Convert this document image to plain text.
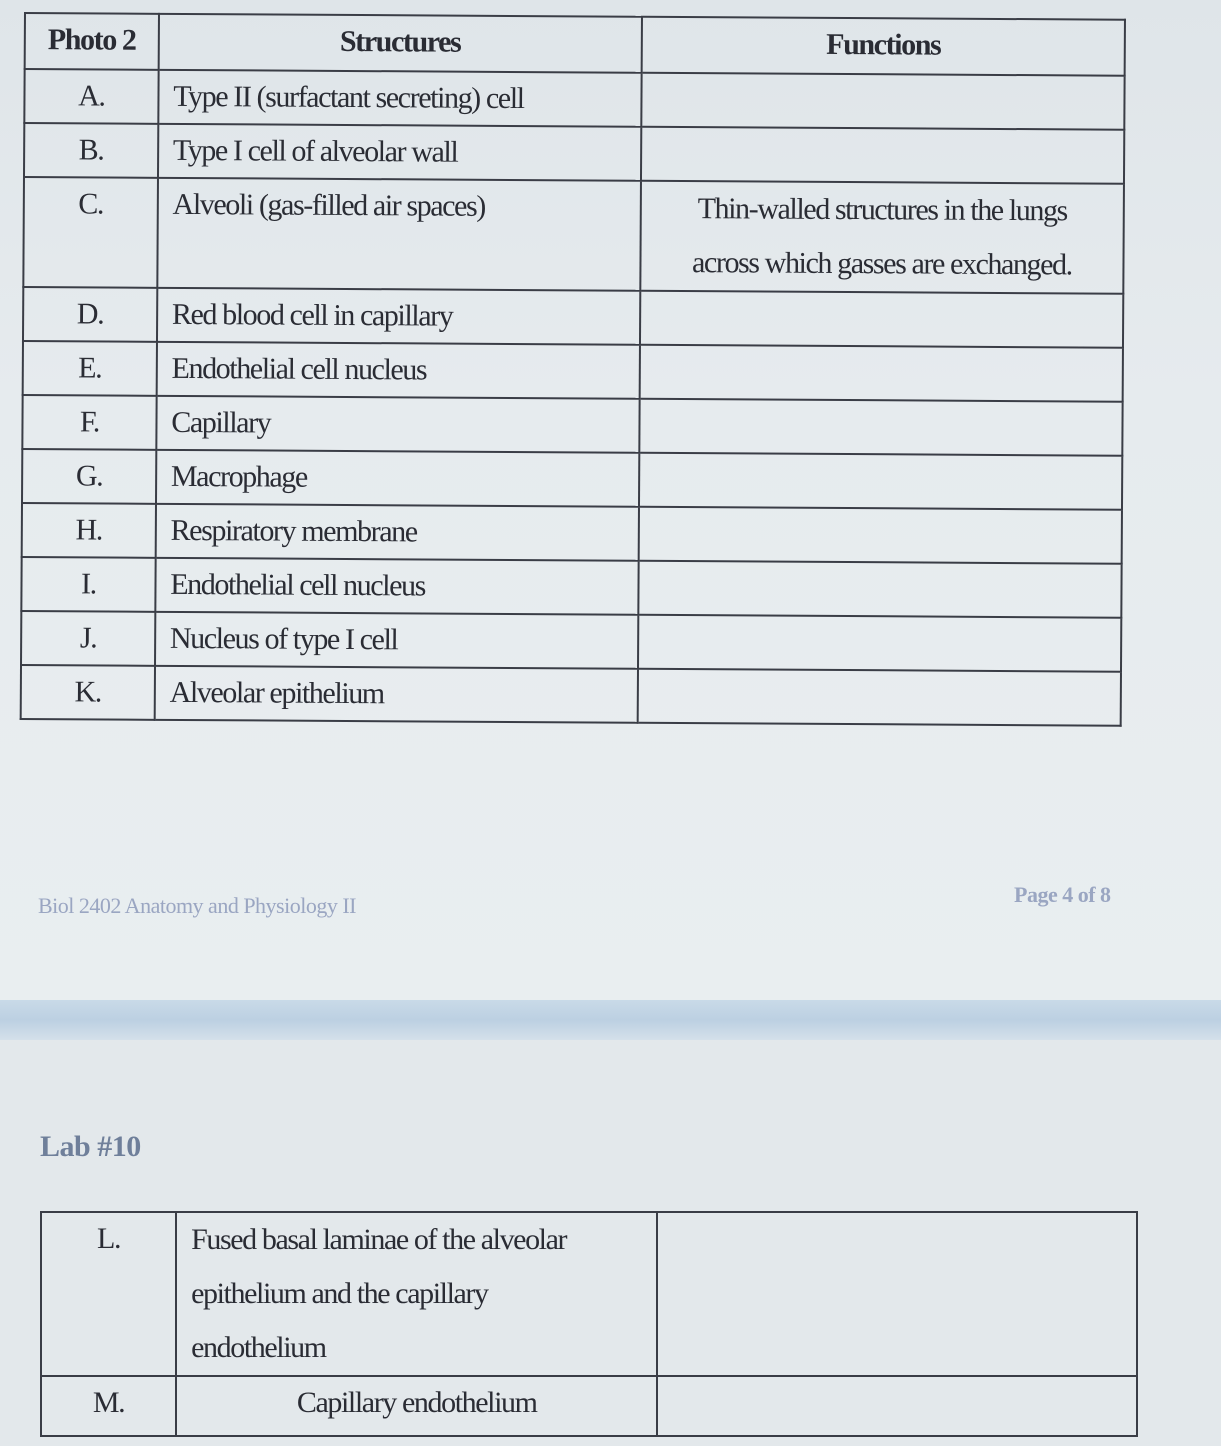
Photo 2	Structures	Functions
A.	Type II (surfactant secreting) cell	
B.	Type I cell of alveolar wall	
C.	Alveoli (gas-filled air spaces)	Thin-walled structures in the lungs
across which gasses are exchanged.

D.	Red blood cell in capillary	
E.	Endothelial cell nucleus	
F.	Capillary	
G.	Macrophage	
H.	Respiratory membrane	
I.	Endothelial cell nucleus	
J.	Nucleus of type I cell	
K.	Alveolar epithelium	
Biol 2402 Anatomy and Physiology II	Page 4 of 8
Lab #10
L.	Fused basal laminae of the alveolar
epithelium and the capillary
endothelium	

M.	Capillary endothelium	
